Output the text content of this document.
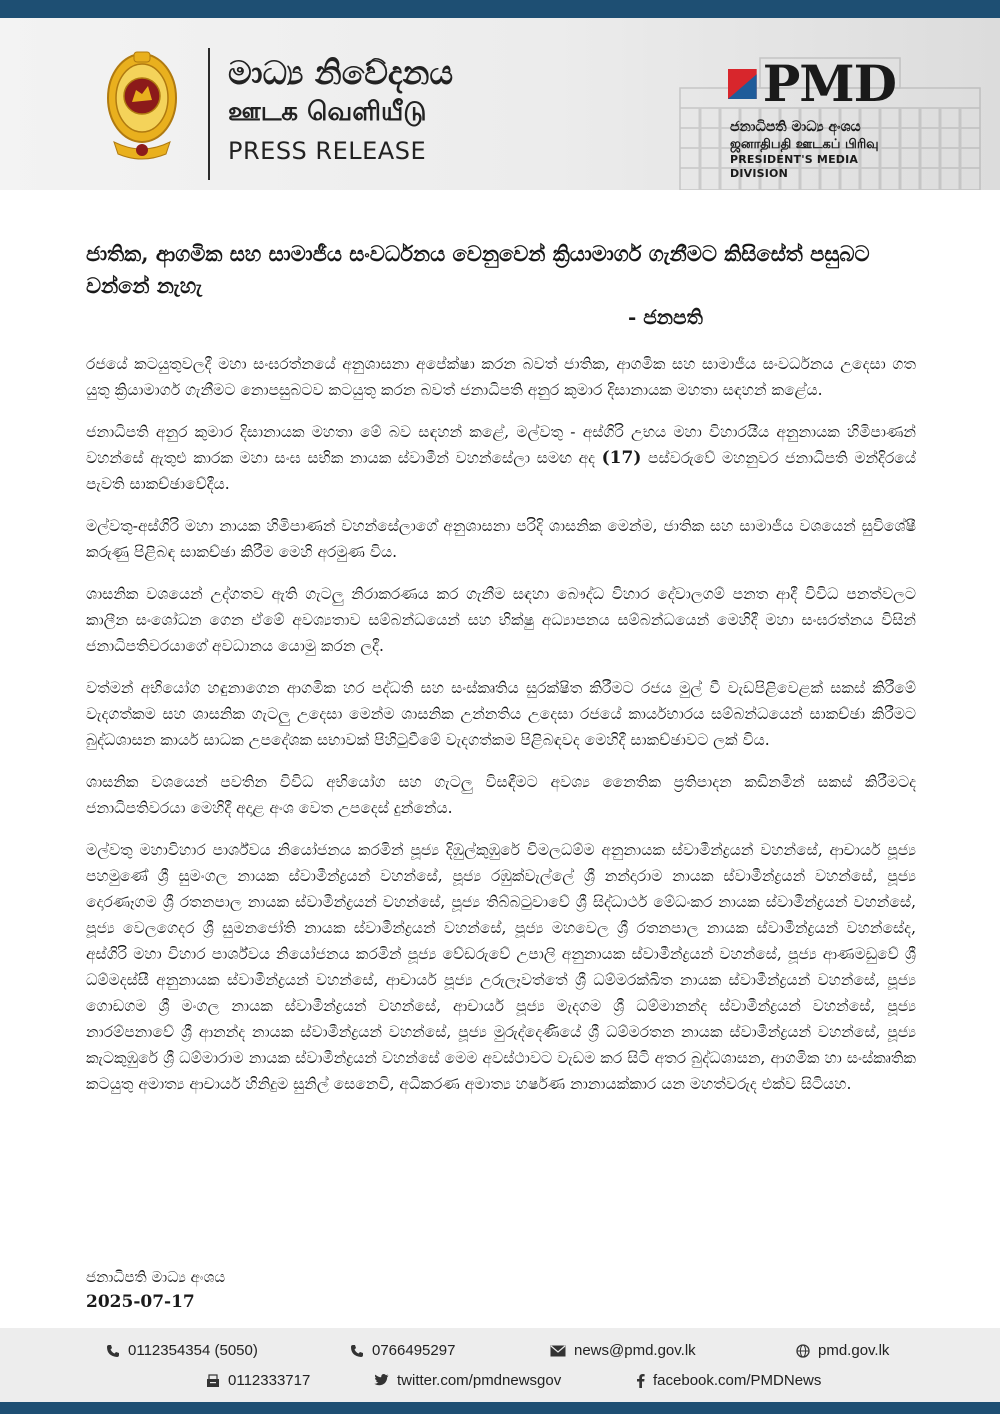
මාධ්‍ය නිවේදනය
ஊடக வெளியீடு
PRESS RELEASE
PMD
ජනාධිපති මාධ්‍ය අංශය
ஜனாதிபதி ஊடகப் பிரிவு
PRESIDENT'S MEDIA DIVISION
ජාතික, ආගමික සහ සාමාජීය සංවර්ධනය වෙනුවෙන් ක්‍රියාමාර්ග ගැනීමට කිසිසේත් පසුබට වන්නේ නැහැ
- ජනපති

රජයේ කටයුතුවලදී මහා සංඝරත්නයේ අනුශාසනා අපේක්ෂා කරන බවත් ජාතික, ආගමික සහ සාමාජීය සංවර්ධනය උදෙසා ගත යුතු ක්‍රියාමාර්ග ගැනීමට නොපසුබටව කටයුතු කරන බවත් ජනාධිපති අනුර කුමාර දිසානායක මහතා සඳහන් කළේය.

ජනාධිපති අනුර කුමාර දිසානායක මහතා මේ බව සඳහන් කළේ, මල්වතු - අස්ගිරි උභය මහා විහාරයීය අනුනායක හිමිපාණන් වහන්සේ ඇතුළු කාරක මහා සංඝ සභික නායක ස්වාමීන් වහන්සේලා සමඟ අද (17) පස්වරුවේ මහනුවර ජනාධිපති මන්දිරයේ පැවති සාකච්ඡාවේදීය.

මල්වතු-අස්ගිරි මහා නායක හිමිපාණන් වහන්සේලාගේ අනුශාසනා පරිදි ශාසනික මෙන්ම, ජාතික සහ සාමාජීය වශයෙන් සුවිශේෂී කරුණු පිළිබඳ සාකච්ඡා කිරීම මෙහි අරමුණ විය.

ශාසනික වශයෙන් උද්ගතව ඇති ගැටලු නිරාකරණය කර ගැනීම සඳහා බෞද්ධ විහාර දේවාලගම් පනත ආදී විවිධ පනත්වලට කාලීන සංශෝධන ගෙන ඒමේ අවශ්‍යතාව සම්බන්ධයෙන් සහ භික්ෂු අධ්‍යාපනය සම්බන්ධයෙන් මෙහිදී මහා සංඝරත්නය විසින් ජනාධිපතිවරයාගේ අවධානය යොමු කරන ලදී.

වත්මන් අභියෝග හඳුනාගෙන ආගමික හර පද්ධති සහ සංස්කෘතිය සුරක්ෂිත කිරීමට රජය මුල් වී වැඩපිළිවෙළක් සකස් කිරීමේ වැදගත්කම සහ ශාසනික ගැටලු උදෙසා මෙන්ම ශාසනික උන්නතිය උදෙසා රජයේ කාර්යභාරය සම්බන්ධයෙන් සාකච්ඡා කිරීමට බුද්ධශාසන කාර්ය සාධක උපදේශක සභාවක් පිහිටුවීමේ වැදගත්කම පිළිබඳවද මෙහිදී සාකච්ඡාවට ලක් විය.

ශාසනික වශයෙන් පවතින විවිධ අභියෝග සහ ගැටලු විසඳීමට අවශ්‍ය නෛතික ප්‍රතිපාදන කඩිනමින් සකස් කිරීමටද ජනාධිපතිවරයා මෙහිදී අදාළ අංශ වෙත උපදෙස් දුන්නේය.

මල්වතු මහාවිහාර පාර්ශ්වය නියෝජනය කරමින් පූජ්‍ය දිඹුල්කුඹුරේ විමලධම්ම අනුනායක ස්වාමීන්ද්‍රයන් වහන්සේ, ආචාර්ය පූජ්‍ය පහමුණේ ශ්‍රී සුමංගල නායක ස්වාමීන්ද්‍රයන් වහන්සේ, පූජ්‍ය රඹුක්වැල්ලේ ශ්‍රී නන්දාරාම නායක ස්වාමීන්ද්‍රයන් වහන්සේ, පූජ්‍ය දොරණෑගම ශ්‍රී රතනපාල නායක ස්වාමීන්ද්‍රයන් වහන්සේ, පූජ්‍ය තිබ්බටුවාවේ ශ්‍රී සිද්ධාර්ථ මේධංකර නායක ස්වාමීන්ද්‍රයන් වහන්සේ, පූජ්‍ය වෙලගෙදර ශ්‍රී සුමනජෝති නායක ස්වාමීන්ද්‍රයන් වහන්සේ, පූජ්‍ය මහවෙල ශ්‍රී රතනපාල නායක ස්වාමීන්ද්‍රයන් වහන්සේද, අස්ගිරි මහා විහාර පාර්ශ්වය නියෝජනය කරමින් පූජ්‍ය වේඩරුවේ උපාලි අනුනායක ස්වාමීන්ද්‍රයන් වහන්සේ, පූජ්‍ය ආණමඩුවේ ශ්‍රී ධම්මදස්සී අනුනායක ස්වාමීන්ද්‍රයන් වහන්සේ, ආචාර්ය පූජ්‍ය උරුලෑවත්තේ ශ්‍රී ධම්මරක්ඛිත නායක ස්වාමීන්ද්‍රයන් වහන්සේ, පූජ්‍ය ගොඩගම ශ්‍රී මංගල නායක ස්වාමීන්ද්‍රයන් වහන්සේ, ආචාර්ය පූජ්‍ය මැදගම ශ්‍රී ධම්මානන්ද ස්වාමීන්ද්‍රයන් වහන්සේ, පූජ්‍ය නාරම්පනාවේ ශ්‍රී ආනන්ද නායක ස්වාමීන්ද්‍රයන් වහන්සේ, පූජ්‍ය මුරුද්දෙණියේ ශ්‍රී ධම්මරතන නායක ස්වාමීන්ද්‍රයන් වහන්සේ, පූජ්‍ය කැටකුඹුරේ ශ්‍රී ධම්මාරාම නායක ස්වාමීන්ද්‍රයන් වහන්සේ මෙම අවස්ථාවට වැඩම කර සිටි අතර බුද්ධශාසන, ආගමික හා සංස්කෘතික කටයුතු අමාත්‍ය ආචාර්ය හිනිදුම සුනිල් සෙනෙවි, අධිකරණ අමාත්‍ය හර්ෂණ නානායක්කාර යන මහත්වරුද එක්ව සිටියහ.

ජනාධිපති මාධ්‍ය අංශය
2025-07-17
0112354354 (5050)	0766495297	news@pmd.gov.lk	pmd.gov.lk
0112333717	twitter.com/pmdnewsgov	facebook.com/PMDNews
